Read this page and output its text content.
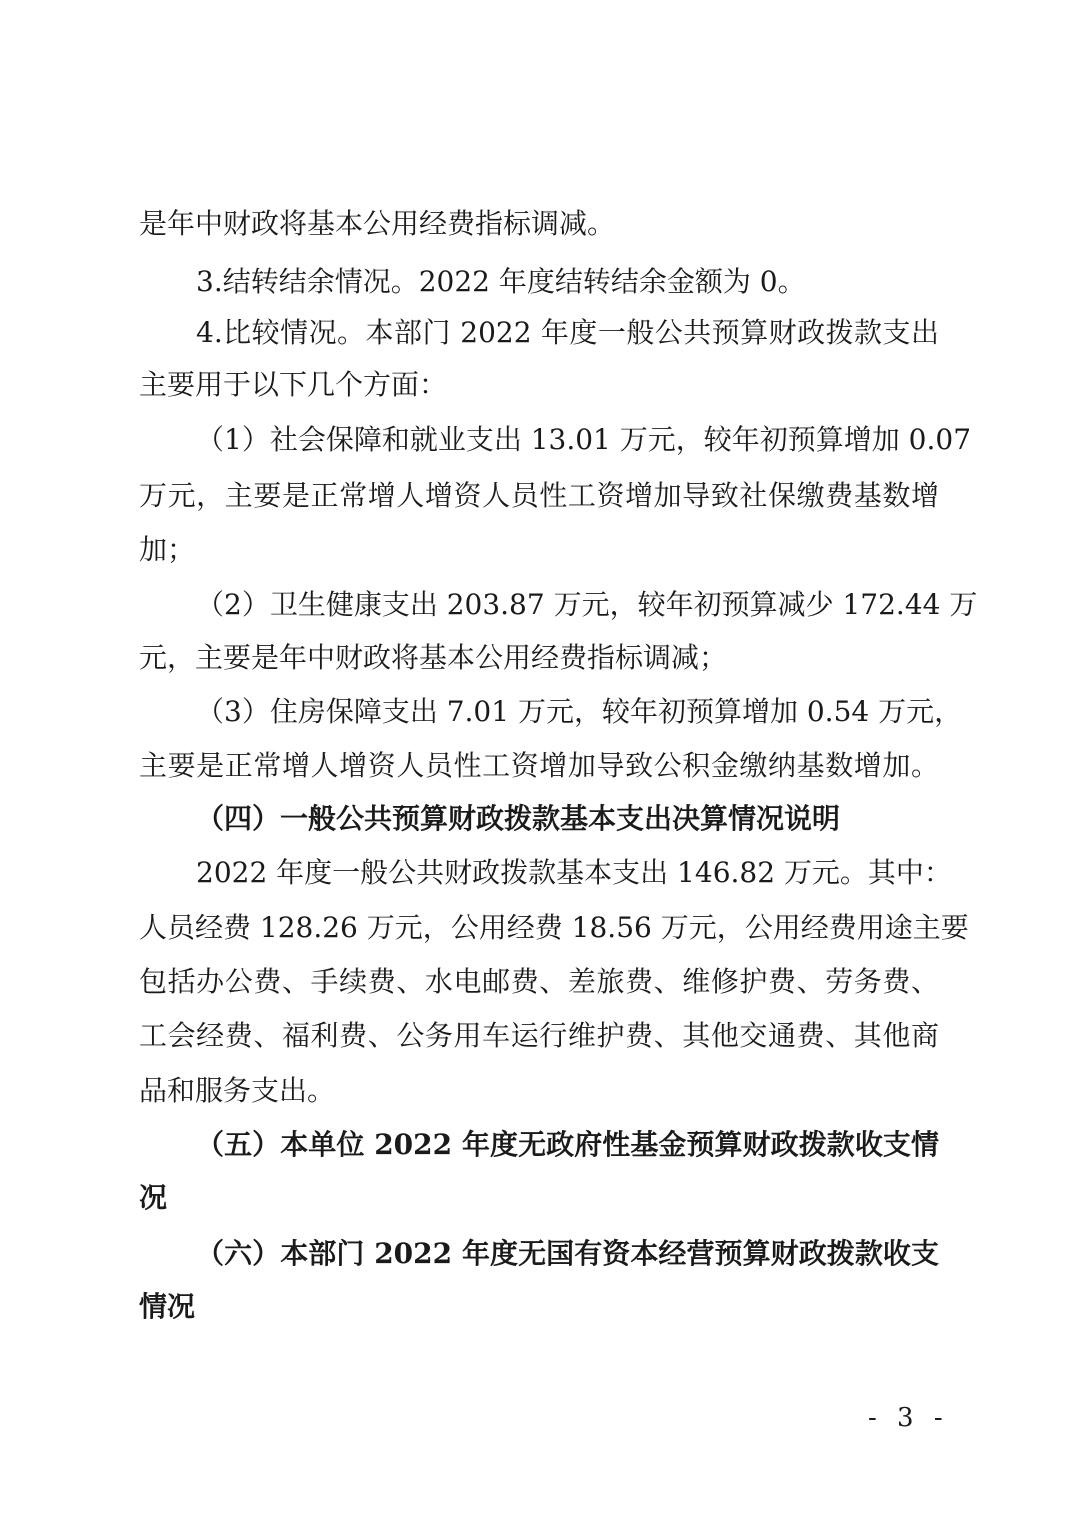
是年中财政将基本公用经费指标调减。
3.结转结余情况。2022 年度结转结余金额为 0。
4.比较情况。本部门 2022 年度一般公共预算财政拨款支出
主要用于以下几个方面：
（1）社会保障和就业支出 13.01 万元，较年初预算增加 0.07
万元，主要是正常增人增资人员性工资增加导致社保缴费基数增
加；
（2）卫生健康支出 203.87 万元，较年初预算减少 172.44 万
元，主要是年中财政将基本公用经费指标调减；
（3）住房保障支出 7.01 万元，较年初预算增加 0.54 万元，
主要是正常增人增资人员性工资增加导致公积金缴纳基数增加。
（四）一般公共预算财政拨款基本支出决算情况说明
2022 年度一般公共财政拨款基本支出 146.82 万元。其中：
人员经费 128.26 万元，公用经费 18.56 万元，公用经费用途主要
包括办公费、手续费、水电邮费、差旅费、维修护费、劳务费、
工会经费、福利费、公务用车运行维护费、其他交通费、其他商
品和服务支出。
（五）本单位 2022 年度无政府性基金预算财政拨款收支情
况
（六）本部门 2022 年度无国有资本经营预算财政拨款收支
情况
- 3 -
